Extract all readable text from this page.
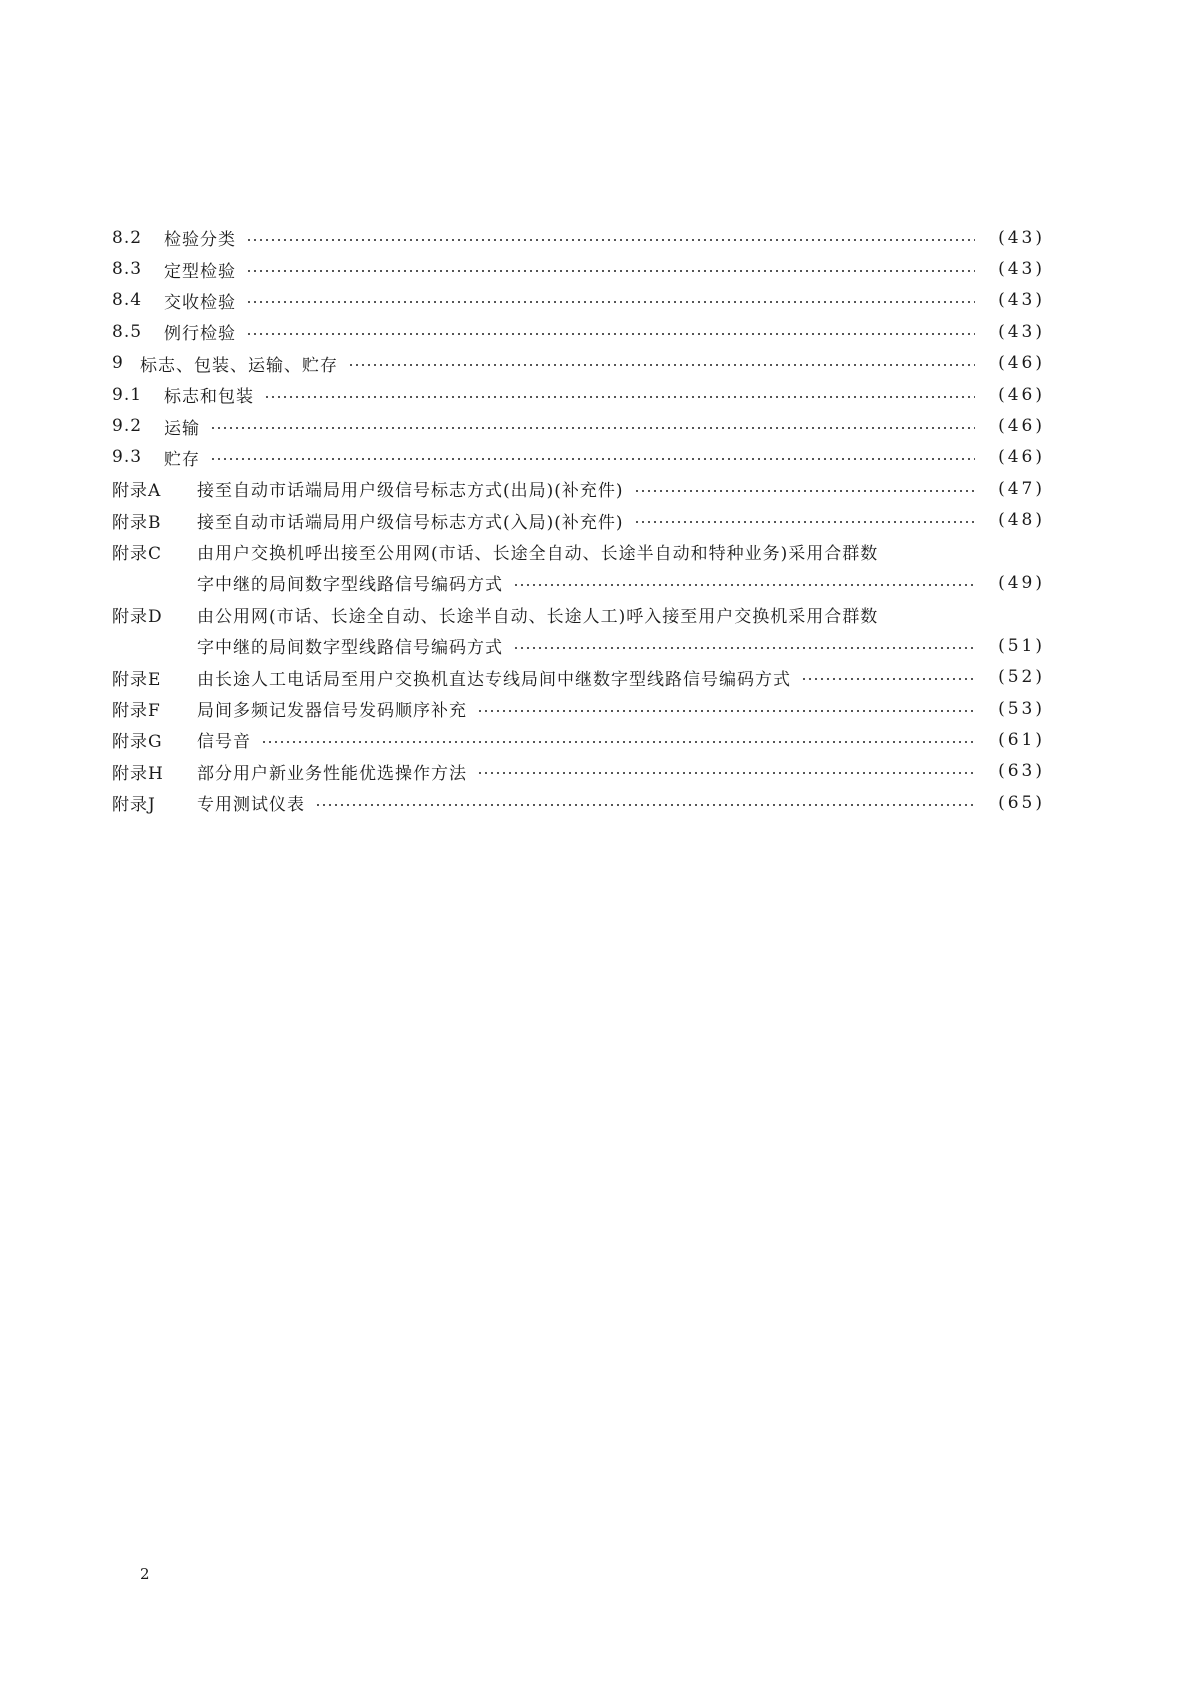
8.2	检验分类	(43)
8.3	定型检验	(43)
8.4	交收检验	(43)
8.5	例行检验	(43)
9 标志、包装、运输、贮存	(46)
9.1	标志和包装	(46)
9.2	运输	(46)
9.3	贮存	(46)
附录A	接至自动市话端局用户级信号标志方式(出局)(补充件)	(47)
附录B	接至自动市话端局用户级信号标志方式(入局)(补充件)	(48)
附录C	由用户交换机呼出接至公用网(市话、长途全自动、长途半自动和特种业务)采用合群数
字中继的局间数字型线路信号编码方式	(49)
附录D	由公用网(市话、长途全自动、长途半自动、长途人工)呼入接至用户交换机采用合群数
字中继的局间数字型线路信号编码方式	(51)
附录E	由长途人工电话局至用户交换机直达专线局间中继数字型线路信号编码方式	(52)
附录F	局间多频记发器信号发码顺序补充	(53)
附录G	信号音	(61)
附录H	部分用户新业务性能优选操作方法	(63)
附录J	专用测试仪表	(65)
2
